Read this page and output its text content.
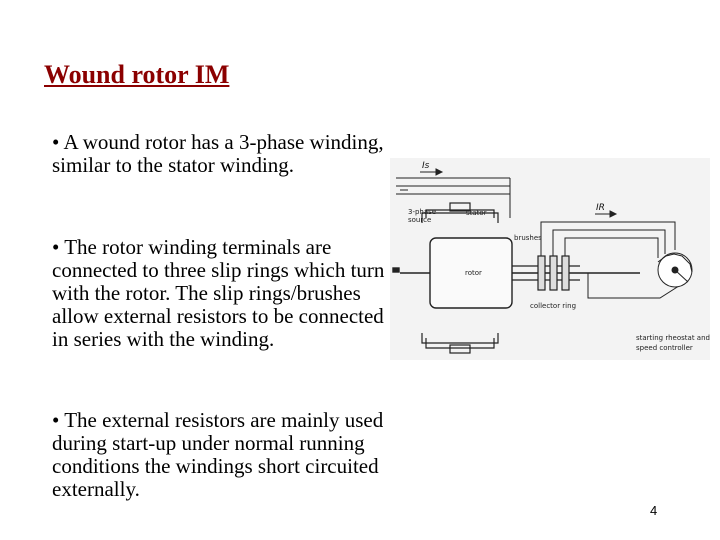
Wound rotor IM
• A wound rotor has a 3-phase winding, similar to the stator winding.
• The rotor winding terminals are connected to three slip rings which turn with the rotor. The slip rings/brushes allow external resistors to be connected in series with the winding.
• The external resistors are mainly used during start-up under normal running conditions the windings short circuited externally.
Is
IR
3-phase
source
stator
brushes
rotor
collector ring
starting rheostat and
speed controller
4
